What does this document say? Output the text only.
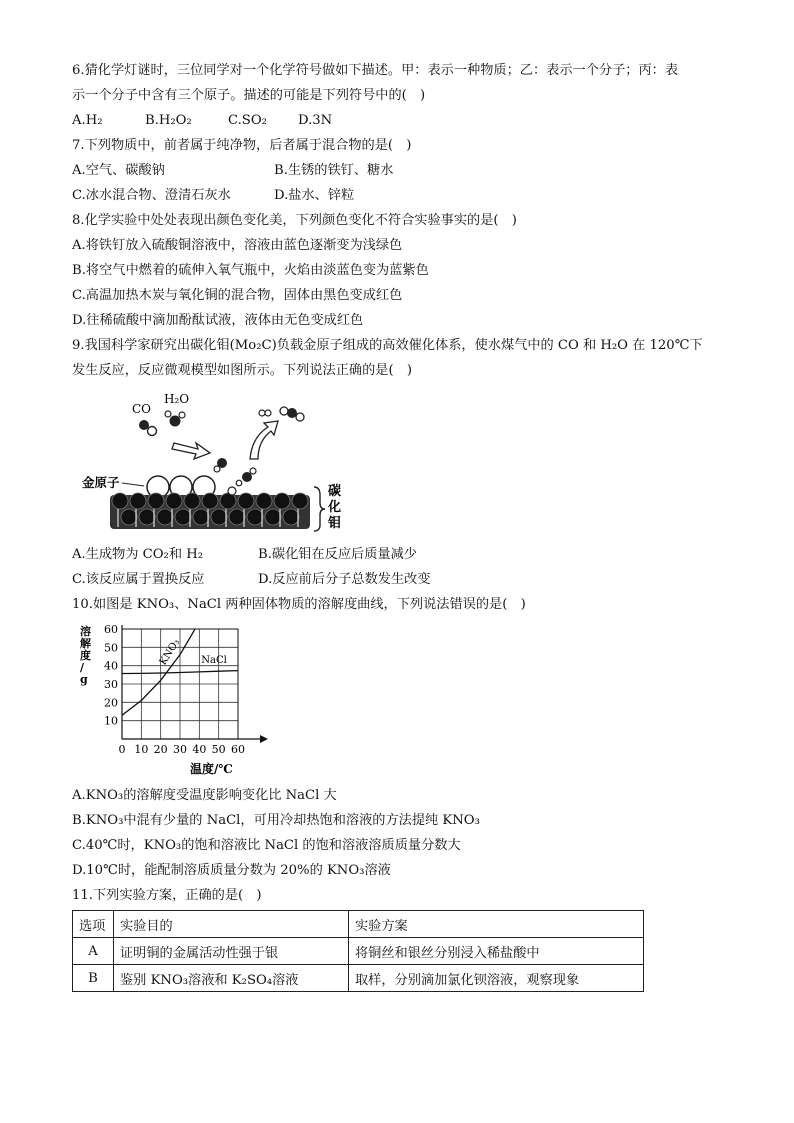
6.猜化学灯谜时，三位同学对一个化学符号做如下描述。甲：表示一种物质；乙：表示一个分子；丙：表
示一个分子中含有三个原子。描述的可能是下列符号中的(　)
A.H₂	B.H₂O₂	C.SO₂	D.3N
7.下列物质中，前者属于纯净物，后者属于混合物的是(　)
A.空气、碳酸钠	B.生锈的铁钉、糖水
C.冰水混合物、澄清石灰水	D.盐水、锌粒
8.化学实验中处处表现出颜色变化美，下列颜色变化不符合实验事实的是(　)
A.将铁钉放入硫酸铜溶液中，溶液由蓝色逐渐变为浅绿色
B.将空气中燃着的硫伸入氧气瓶中，火焰由淡蓝色变为蓝紫色
C.高温加热木炭与氧化铜的混合物，固体由黑色变成红色
D.往稀硫酸中滴加酚酞试液，液体由无色变成红色
9.我国科学家研究出碳化钼(Mo₂C)负载金原子组成的高效催化体系，使水煤气中的 CO 和 H₂O 在 120℃下
发生反应，反应微观模型如图所示。下列说法正确的是(　)
CO
H₂O
金原子
碳
化
钼
A.生成物为 CO₂和 H₂	B.碳化钼在反应后质量减少
C.该反应属于置换反应	D.反应前后分子总数发生改变
10.如图是 KNO₃、NaCl 两种固体物质的溶解度曲线，下列说法错误的是(　)
溶
解
度
/
g
0 10 20 30 40 50 60
10
20
30
40
50
60
KNO₃ NaCl
温度/℃
A.KNO₃的溶解度受温度影响变化比 NaCl 大
B.KNO₃中混有少量的 NaCl，可用冷却热饱和溶液的方法提纯 KNO₃
C.40℃时，KNO₃的饱和溶液比 NaCl 的饱和溶液溶质质量分数大
D.10℃时，能配制溶质质量分数为 20%的 KNO₃溶液
11.下列实验方案，正确的是(　)
选项	实验目的	实验方案
A	证明铜的金属活动性强于银	将铜丝和银丝分别浸入稀盐酸中
B	鉴别 KNO₃溶液和 K₂SO₄溶液	取样，分别滴加氯化钡溶液，观察现象
